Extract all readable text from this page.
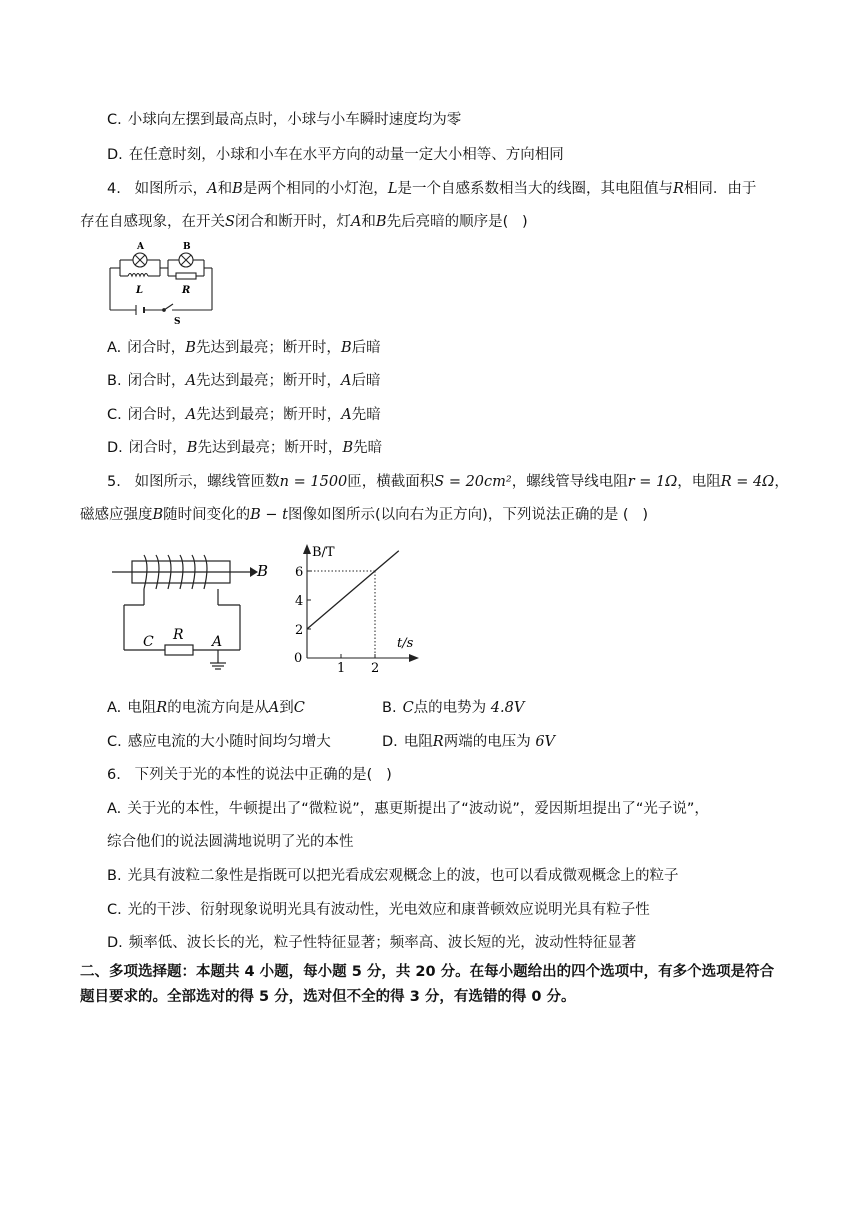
C. 小球向左摆到最高点时，小球与小车瞬时速度均为零
D. 在任意时刻，小球和小车在水平方向的动量一定大小相等、方向相同
4. 如图所示，A和B是两个相同的小灯泡，L是一个自感系数相当大的线圈，其电阻值与R相同．由于
存在自感现象，在开关S闭合和断开时，灯A和B先后亮暗的顺序是(   )
A	B
L	R
S
A. 闭合时，B先达到最亮；断开时，B后暗
B. 闭合时，A先达到最亮；断开时，A后暗
C. 闭合时，A先达到最亮；断开时，A先暗
D. 闭合时，B先达到最亮；断开时，B先暗
5. 如图所示，螺线管匝数n = 1500匝，横截面积S = 20cm²，螺线管导线电阻r = 1Ω，电阻R = 4Ω，
磁感应强度B随时间变化的B − t图像如图所示(以向右为正方向)，下列说法正确的是 (   )
B
C R A
2
4
6
1 2
B/T
t/s
0
A. 电阻R的电流方向是从A到C	B. C点的电势为 4.8V
C. 感应电流的大小随时间均匀增大	D. 电阻R两端的电压为 6V
6. 下列关于光的本性的说法中正确的是(   )
A. 关于光的本性，牛顿提出了“微粒说”，惠更斯提出了“波动说”，爱因斯坦提出了“光子说”，
综合他们的说法圆满地说明了光的本性
B. 光具有波粒二象性是指既可以把光看成宏观概念上的波，也可以看成微观概念上的粒子
C. 光的干涉、衍射现象说明光具有波动性，光电效应和康普顿效应说明光具有粒子性
D. 频率低、波长长的光，粒子性特征显著；频率高、波长短的光，波动性特征显著
二、多项选择题：本题共 4 小题，每小题 5 分，共 20 分。在每小题给出的四个选项中，有多个选项是符合
题目要求的。全部选对的得 5 分，选对但不全的得 3 分，有选错的得 0 分。
